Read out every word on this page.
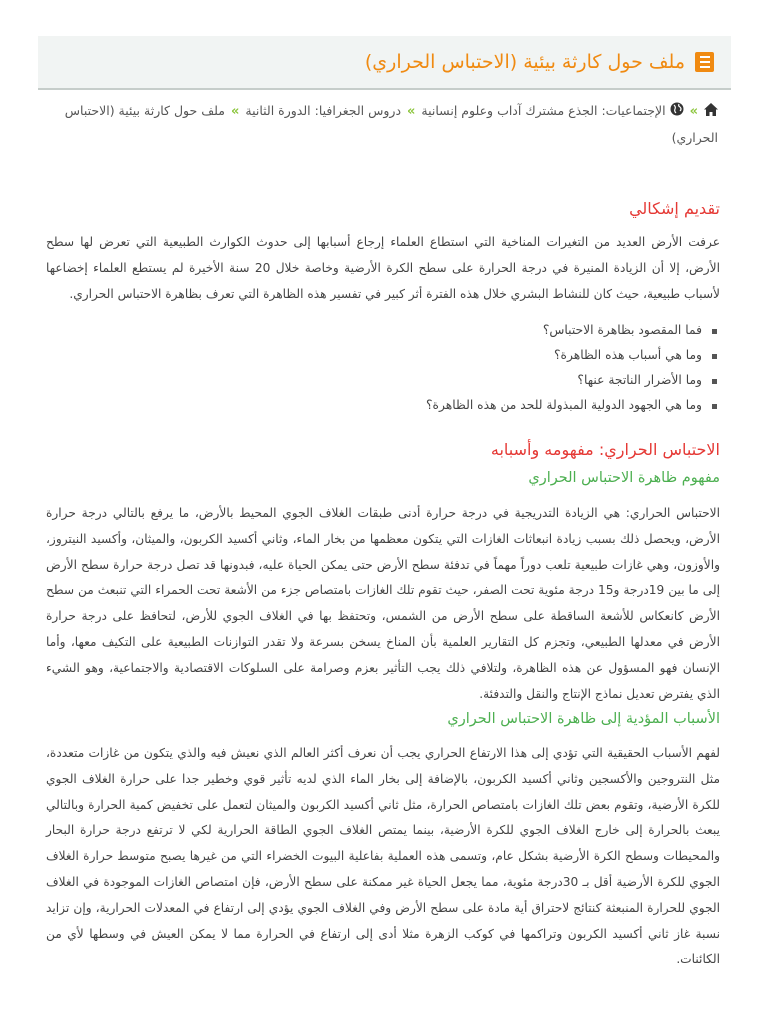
ملف حول كارثة بيئية (الاحتباس الحراري)
» الإجتماعيات: الجذع مشترك آداب وعلوم إنسانية»دروس الجغرافيا: الدورة الثانية»ملف حول كارثة بيئية (الاحتباس الحراري)
تقديم إشكالي

عرفت الأرض العديد من التغيرات المناخية التي استطاع العلماء إرجاع أسبابها إلى حدوث الكوارث الطبيعية التي تعرض لها سطح الأرض، إلا أن الزيادة المنيرة في درجة الحرارة على سطح الكرة الأرضية وخاصة خلال 20 سنة الأخيرة لم يستطع العلماء إخضاعها لأسباب طبيعية، حيث كان للنشاط البشري خلال هذه الفترة أثر كبير في تفسير هذه الظاهرة التي تعرف بظاهرة الاحتباس الحراري.

فما المقصود بظاهرة الاحتباس؟
وما هي أسباب هذه الظاهرة؟
وما الأضرار الناتجة عنها؟
وما هي الجهود الدولية المبذولة للحد من هذه الظاهرة؟
الاحتباس الحراري: مفهومه وأسبابه
مفهوم ظاهرة الاحتباس الحراري

الاحتباس الحراري: هي الزيادة التدريجية في درجة حرارة أدنى طبقات الغلاف الجوي المحيط بالأرض، ما يرفع بالتالي درجة حرارة الأرض، ويحصل ذلك بسبب زيادة انبعاثات الغازات التي يتكون معظمها من بخار الماء، وثاني أكسيد الكربون، والميثان، وأكسيد النيتروز، والأوزون، وهي غازات طبيعية تلعب دوراً مهماً في تدفئة سطح الأرض حتى يمكن الحياة عليه، فبدونها قد تصل درجة حرارة سطح الأرض إلى ما بين 19درجة و15 درجة مئوية تحت الصفر، حيث تقوم تلك الغازات بامتصاص جزء من الأشعة تحت الحمراء التي تنبعث من سطح الأرض كانعكاس للأشعة الساقطة على سطح الأرض من الشمس، وتحتفظ بها في الغلاف الجوي للأرض، لتحافظ على درجة حرارة الأرض في معدلها الطبيعي، وتجزم كل التقارير العلمية بأن المناخ يسخن بسرعة ولا تقدر التوازنات الطبيعية على التكيف معها، وأما الإنسان فهو المسؤول عن هذه الظاهرة، ولتلافي ذلك يجب التأثير بعزم وصرامة على السلوكات الاقتصادية والاجتماعية، وهو الشيء الذي يفترض تعديل نماذج الإنتاج والنقل والتدفئة.

الأسباب المؤدية إلى ظاهرة الاحتباس الحراري

لفهم الأسباب الحقيقية التي تؤدي إلى هذا الارتفاع الحراري يجب أن نعرف أكثر العالم الذي نعيش فيه والذي يتكون من غازات متعددة، مثل النتروجين والأكسجين وثاني أكسيد الكربون، بالإضافة إلى بخار الماء الذي لديه تأثير قوي وخطير جدا على حرارة الغلاف الجوي للكرة الأرضية، وتقوم بعض تلك الغازات بامتصاص الحرارة، مثل ثاني أكسيد الكربون والميثان لتعمل على تخفيض كمية الحرارة وبالتالي يبعث بالحرارة إلى خارج الغلاف الجوي للكرة الأرضية، بينما يمتص الغلاف الجوي الطاقة الحرارية لكي لا ترتفع درجة حرارة البحار والمحيطات وسطح الكرة الأرضية بشكل عام، وتسمى هذه العملية بفاعلية البيوت الخضراء التي من غيرها يصبح متوسط حرارة الغلاف الجوي للكرة الأرضية أقل بـ 30درجة مئوية، مما يجعل الحياة غير ممكنة على سطح الأرض، فإن امتصاص الغازات الموجودة في الغلاف الجوي للحرارة المنبعثة كنتائج لاحتراق أية مادة على سطح الأرض وفي الغلاف الجوي يؤدي إلى ارتفاع في المعدلات الحرارية، وإن تزايد نسبة غاز ثاني أكسيد الكربون وتراكمها في كوكب الزهرة مثلا أدى إلى ارتفاع في الحرارة مما لا يمكن العيش في وسطها لأي من الكائنات.
